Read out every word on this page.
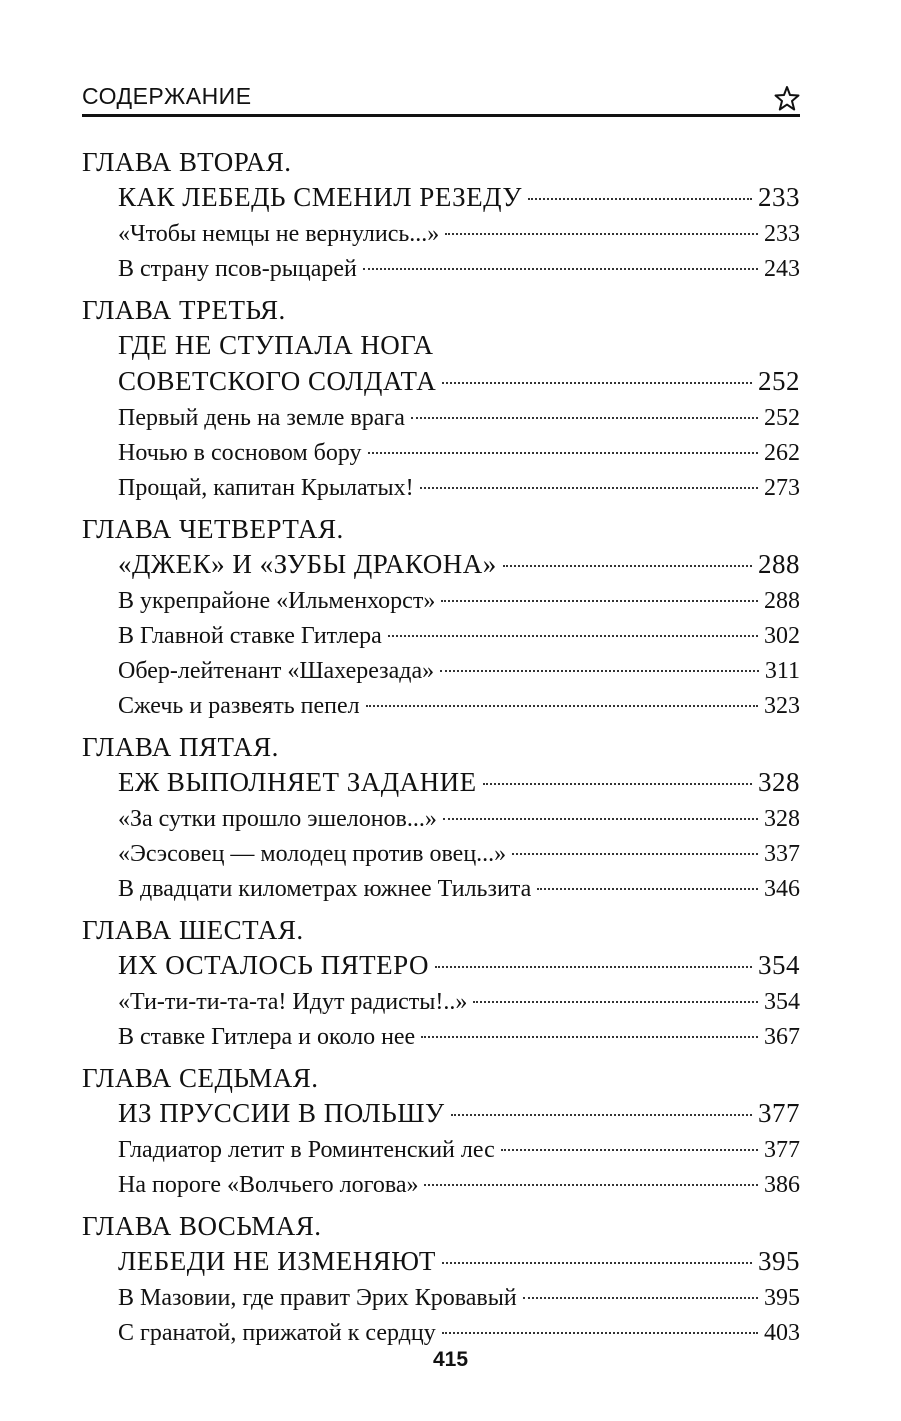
СОДЕРЖАНИЕ
ГЛАВА ВТОРАЯ.
КАК ЛЕБЕДЬ СМЕНИЛ РЕЗЕДУ	233
«Чтобы немцы не вернулись...»	233
В страну псов-рыцарей	243
ГЛАВА ТРЕТЬЯ.
ГДЕ НЕ СТУПАЛА НОГА
СОВЕТСКОГО СОЛДАТА	252
Первый день на земле врага	252
Ночью в сосновом бору	262
Прощай, капитан Крылатых!	273
ГЛАВА ЧЕТВЕРТАЯ.
«ДЖЕК» И «ЗУБЫ ДРАКОНА»	288
В укрепрайоне «Ильменхорст»	288
В Главной ставке Гитлера	302
Обер-лейтенант «Шахерезада»	311
Сжечь и развеять пепел	323
ГЛАВА ПЯТАЯ.
ЕЖ ВЫПОЛНЯЕТ ЗАДАНИЕ	328
«За сутки прошло эшелонов...»	328
«Эсэсовец — молодец против овец...»	337
В двадцати километрах южнее Тильзита	346
ГЛАВА ШЕСТАЯ.
ИХ ОСТАЛОСЬ ПЯТЕРО	354
«Ти-ти-ти-та-та! Идут радисты!..»	354
В ставке Гитлера и около нее	367
ГЛАВА СЕДЬМАЯ.
ИЗ ПРУССИИ В ПОЛЬШУ	377
Гладиатор летит в Роминтенский лес	377
На пороге «Волчьего логова»	386
ГЛАВА ВОСЬМАЯ.
ЛЕБЕДИ НЕ ИЗМЕНЯЮТ	395
В Мазовии, где правит Эрих Кровавый	395
С гранатой, прижатой к сердцу	403
415
